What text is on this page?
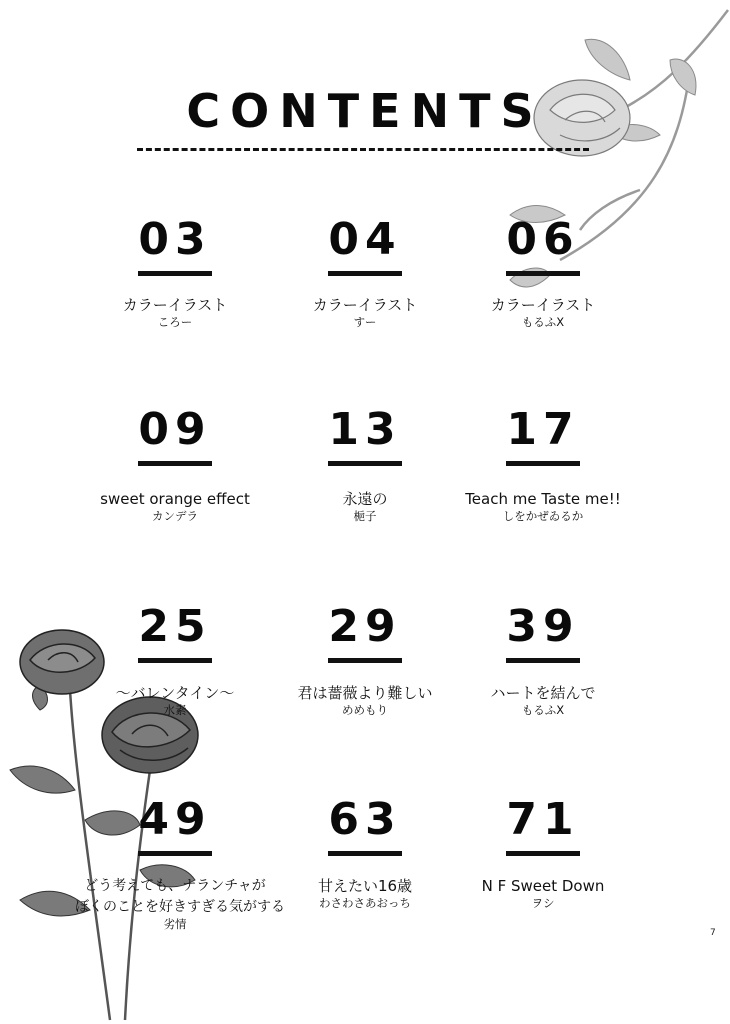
CONTENTS
03
カラーイラスト
ころー
04
カラーイラスト
すー
06
カラーイラスト
もるふX
09
sweet orange effect
カンデラ
13
永遠の
梔子
17
Teach me Taste me!!
しをかぜゐるか
25
～バレンタイン～
水素
29
君は薔薇より難しい
めめもり
39
ハートを結んで
もるふX
49
どう考えても、ナランチャが
ぼくのことを好きすぎる気がする
劣情
63
甘えたい16歳
わさわさあおっち
71
N F Sweet Down
ヲシ
7
